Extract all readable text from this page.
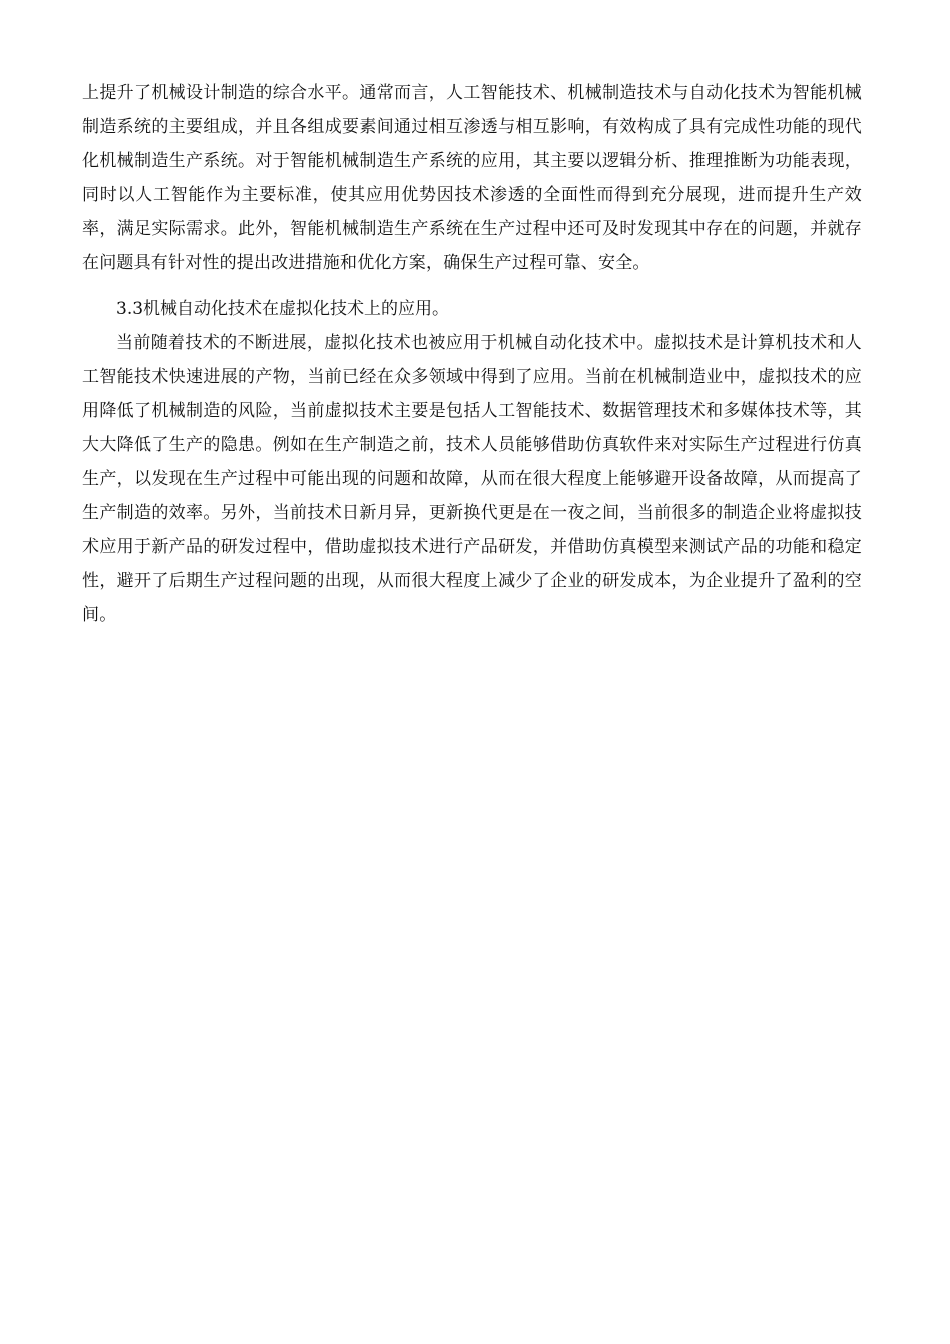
上提升了机械设计制造的综合水平。通常而言，人工智能技术、机械制造技术与自动化技术为智能机械制造系统的主要组成，并且各组成要素间通过相互渗透与相互影响，有效构成了具有完成性功能的现代化机械制造生产系统。对于智能机械制造生产系统的应用，其主要以逻辑分析、推理推断为功能表现，同时以人工智能作为主要标准，使其应用优势因技术渗透的全面性而得到充分展现，进而提升生产效率，满足实际需求。此外，智能机械制造生产系统在生产过程中还可及时发现其中存在的问题，并就存在问题具有针对性的提出改进措施和优化方案，确保生产过程可靠、安全。

3.3机械自动化技术在虚拟化技术上的应用。

当前随着技术的不断进展，虚拟化技术也被应用于机械自动化技术中。虚拟技术是计算机技术和人工智能技术快速进展的产物，当前已经在众多领域中得到了应用。当前在机械制造业中，虚拟技术的应用降低了机械制造的风险，当前虚拟技术主要是包括人工智能技术、数据管理技术和多媒体技术等，其大大降低了生产的隐患。例如在生产制造之前，技术人员能够借助仿真软件来对实际生产过程进行仿真生产，以发现在生产过程中可能出现的问题和故障，从而在很大程度上能够避开设备故障，从而提高了生产制造的效率。另外，当前技术日新月异，更新换代更是在一夜之间，当前很多的制造企业将虚拟技术应用于新产品的研发过程中，借助虚拟技术进行产品研发，并借助仿真模型来测试产品的功能和稳定性，避开了后期生产过程问题的出现，从而很大程度上减少了企业的研发成本，为企业提升了盈利的空间。
